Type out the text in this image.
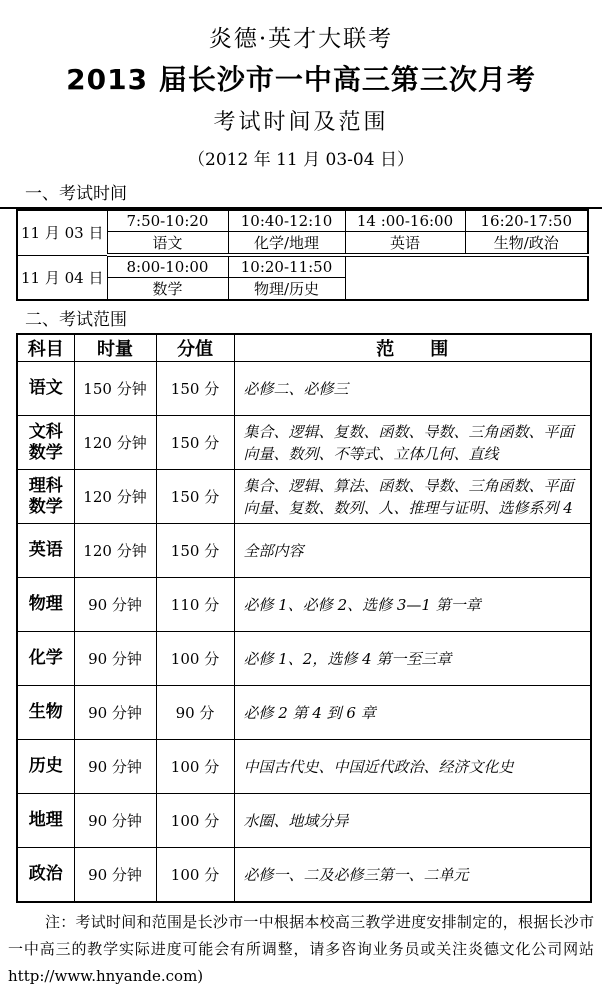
炎德·英才大联考
2013 届长沙市一中高三第三次月考
考试时间及范围
（2012 年 11 月 03-04 日）
一、考试时间
11 月 03 日	7:50-10:20	10:40-12:10	14 :00-16:00	16:20-17:50
	语文	化学/地理	英语	生物/政治
11 月 04 日	8:00-10:00	10:20-11:50		
	数学	物理/历史		
二、考试范围
科目	时量	分值	范　　围
语文	150 分钟	150 分	必修二、必修三
文科数学	120 分钟	150 分	集合、逻辑、复数、函数、导数、三角函数、平面向量、数列、不等式、立体几何、直线
理科数学	120 分钟	150 分	集合、逻辑、算法、函数、导数、三角函数、平面向量、复数、数列、人、推理与证明、选修系列 4
英语	120 分钟	150 分	全部内容
物理	90 分钟	110 分	必修 1、必修 2、选修 3—1 第一章
化学	90 分钟	100 分	必修 1、2，选修 4 第一至三章
生物	90 分钟	90 分	必修 2 第 4 到 6 章
历史	90 分钟	100 分	中国古代史、中国近代政治、经济文化史
地理	90 分钟	100 分	水圈、地域分异
政治	90 分钟	100 分	必修一、二及必修三第一、二单元
注：考试时间和范围是长沙市一中根据本校高三教学进度安排制定的，根据长沙市
一中高三的教学实际进度可能会有所调整，请多咨询业务员或关注炎德文化公司网站
http://www.hnyande.com)
